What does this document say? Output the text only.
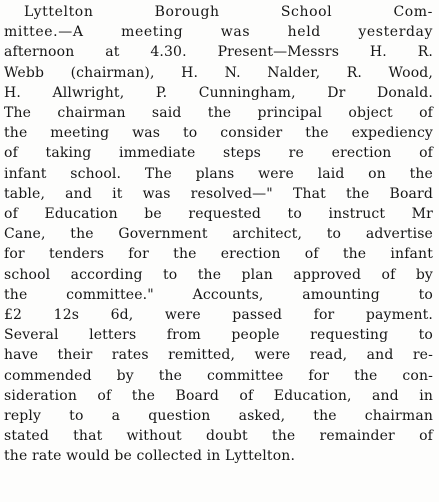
Lyttelton Borough School Com-
mittee.—A meeting was held yesterday
afternoon at 4.30. Present—Messrs H. R.
Webb (chairman), H. N. Nalder, R. Wood,
H. Allwright, P. Cunningham, Dr Donald.
The chairman said the principal object of
the meeting was to consider the expediency
of taking immediate steps re erection of
infant school. The plans were laid on the
table, and it was resolved—" That the Board
of Education be requested to instruct Mr
Cane, the Government architect, to advertise
for tenders for the erection of the infant
school according to the plan approved of by
the committee." Accounts, amounting to
£2 12s 6d, were passed for payment.
Several letters from people requesting to
have their rates remitted, were read, and re-
commended by the committee for the con-
sideration of the Board of Education, and in
reply to a question asked, the chairman
stated that without doubt the remainder of
the rate would be collected in Lyttelton.
